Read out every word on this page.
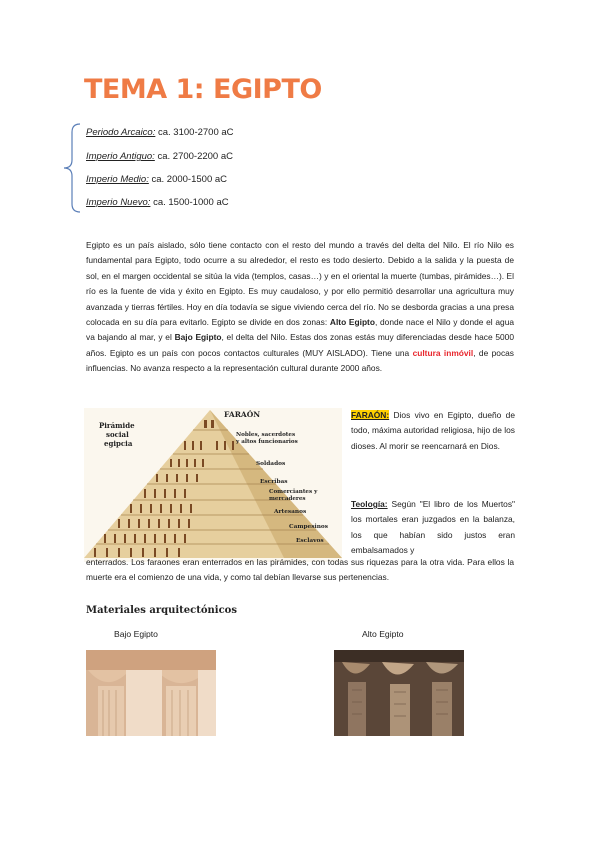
TEMA 1: EGIPTO
Periodo Arcaico: ca. 3100-2700 aC
Imperio Antiguo: ca. 2700-2200 aC
Imperio Medio: ca. 2000-1500 aC
Imperio Nuevo: ca. 1500-1000 aC
Egipto es un país aislado, sólo tiene contacto con el resto del mundo a través del delta del Nilo. El río Nilo es fundamental para Egipto, todo ocurre a su alrededor, el resto es todo desierto. Debido a la salida y la puesta de sol, en el margen occidental se sitúa la vida (templos, casas…) y en el oriental la muerte (tumbas, pirámides…). El río es la fuente de vida y éxito en Egipto. Es muy caudaloso, y por ello permitió desarrollar una agricultura muy avanzada y tierras fértiles. Hoy en día todavía se sigue viviendo cerca del río. No se desborda gracias a una presa colocada en su día para evitarlo. Egipto se divide en dos zonas: Alto Egipto, donde nace el Nilo y donde el agua va bajando al mar, y el Bajo Egipto, el delta del Nilo. Estas dos zonas estás muy diferenciadas desde hace 5000 años. Egipto es un país con pocos contactos culturales (MUY AISLADO). Tiene una cultura inmóvil, de pocas influencias. No avanza respecto a la representación cultural durante 2000 años.
Pirámide
social
egipcia
FARAÓN
Nobles, sacerdotes
y altos funcionarios
Soldados
Escribas
Comerciantes y
mercaderes
Artesanos
Campesinos
Esclavos
FARAÓN: Dios vivo en Egipto, dueño de todo, máxima autoridad religiosa, hijo de los dioses. Al morir se reencarnará en Dios.
Teología: Según "El libro de los Muertos" los mortales eran juzgados en la balanza, los que habían sido justos eran embalsamados y
enterrados. Los faraones eran enterrados en las pirámides, con todas sus riquezas para la otra vida. Para ellos la muerte era el comienzo de una vida, y como tal debían llevarse sus pertenencias.
Materiales arquitectónicos
Bajo Egipto	Alto Egipto
